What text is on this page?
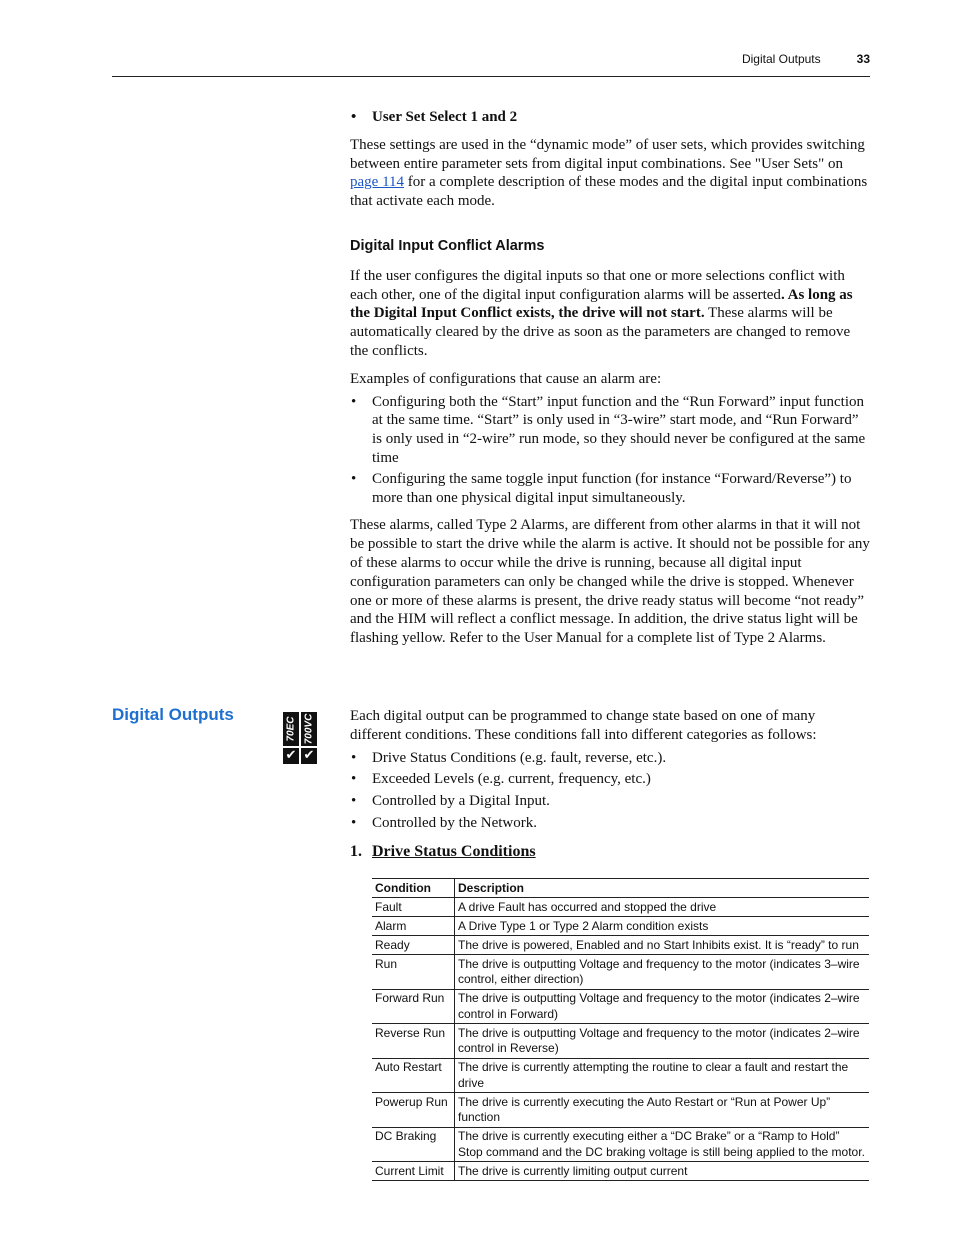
Digital Outputs	33

• User Set Select 1 and 2

These settings are used in the “dynamic mode” of user sets, which provides switching between entire parameter sets from digital input combinations. See "User Sets" on page 114 for a complete description of these modes and the digital input combinations that activate each mode.

Digital Input Conflict Alarms

If the user configures the digital inputs so that one or more selections conflict with each other, one of the digital input configuration alarms will be asserted. As long as the Digital Input Conflict exists, the drive will not start. These alarms will be automatically cleared by the drive as soon as the parameters are changed to remove the conflicts.

Examples of configurations that cause an alarm are:

• Configuring both the “Start” input function and the “Run Forward” input function at the same time. “Start” is only used in “3-wire” start mode, and “Run Forward” is only used in “2-wire” run mode, so they should never be configured at the same time

• Configuring the same toggle input function (for instance “Forward/Reverse”) to more than one physical digital input simultaneously.

These alarms, called Type 2 Alarms, are different from other alarms in that it will not be possible to start the drive while the alarm is active. It should not be possible for any of these alarms to occur while the drive is running, because all digital input configuration parameters can only be changed while the drive is stopped. Whenever one or more of these alarms is present, the drive ready status will become “not ready” and the HIM will reflect a conflict message. In addition, the drive status light will be flashing yellow. Refer to the User Manual for a complete list of Type 2 Alarms.

Digital Outputs
70EC
✔
700VC
✔

Each digital output can be programmed to change state based on one of many different conditions. These conditions fall into different categories as follows:

• Drive Status Conditions (e.g. fault, reverse, etc.).

• Exceeded Levels (e.g. current, frequency, etc.)

• Controlled by a Digital Input.

• Controlled by the Network.

1. Drive Status Conditions

Condition	Description
Fault	A drive Fault has occurred and stopped the drive
Alarm	A Drive Type 1 or Type 2 Alarm condition exists
Ready	The drive is powered, Enabled and no Start Inhibits exist. It is “ready” to run
Run	The drive is outputting Voltage and frequency to the motor (indicates 3–wire control, either direction)
Forward Run	The drive is outputting Voltage and frequency to the motor (indicates 2–wire control in Forward)
Reverse Run	The drive is outputting Voltage and frequency to the motor (indicates 2–wire control in Reverse)
Auto Restart	The drive is currently attempting the routine to clear a fault and restart the drive
Powerup Run	The drive is currently executing the Auto Restart or “Run at Power Up” function
DC Braking	The drive is currently executing either a “DC Brake” or a “Ramp to Hold” Stop command and the DC braking voltage is still being applied to the motor.
Current Limit	The drive is currently limiting output current
